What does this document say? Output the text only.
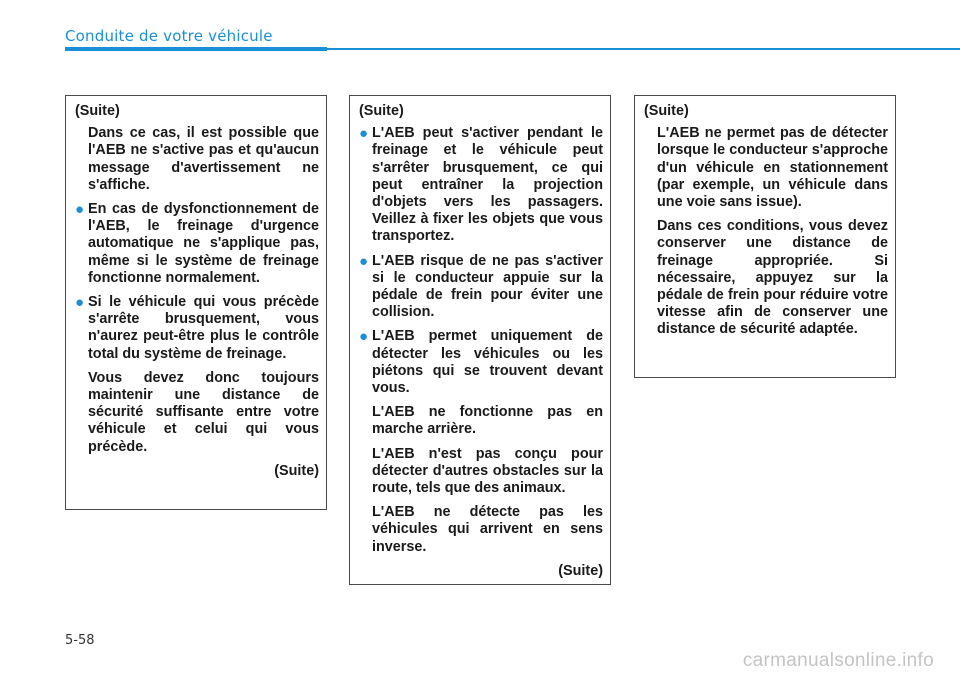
Conduite de votre véhicule

(Suite)

Dans ce cas, il est possible que l'AEB ne s'active pas et qu'aucun message d'avertissement ne s'affiche.

● En cas de dysfonctionnement de l'AEB, le freinage d'urgence automatique ne s'applique pas, même si le système de freinage fonctionne normalement.

● Si le véhicule qui vous précède s'arrête brusquement, vous n'aurez peut-être plus le contrôle total du système de freinage.

Vous devez donc toujours maintenir une distance de sécurité suffisante entre votre véhicule et celui qui vous précède.

(Suite)

(Suite)

● L'AEB peut s'activer pendant le freinage et le véhicule peut s'arrêter brusquement, ce qui peut entraîner la projection d'objets vers les passagers. Veillez à fixer les objets que vous transportez.

● L'AEB risque de ne pas s'activer si le conducteur appuie sur la pédale de frein pour éviter une collision.

● L'AEB permet uniquement de détecter les véhicules ou les piétons qui se trouvent devant vous.

L'AEB ne fonctionne pas en marche arrière.

L'AEB n'est pas conçu pour détecter d'autres obstacles sur la route, tels que des animaux.

L'AEB ne détecte pas les véhicules qui arrivent en sens inverse.

(Suite)

(Suite)

L'AEB ne permet pas de détecter lorsque le conducteur s'approche d'un véhicule en stationnement (par exemple, un véhicule dans une voie sans issue).

Dans ces conditions, vous devez conserver une distance de freinage appropriée. Si nécessaire, appuyez sur la pédale de frein pour réduire votre vitesse afin de conserver une distance de sécurité adaptée.

5-58
carmanualsonline.info
